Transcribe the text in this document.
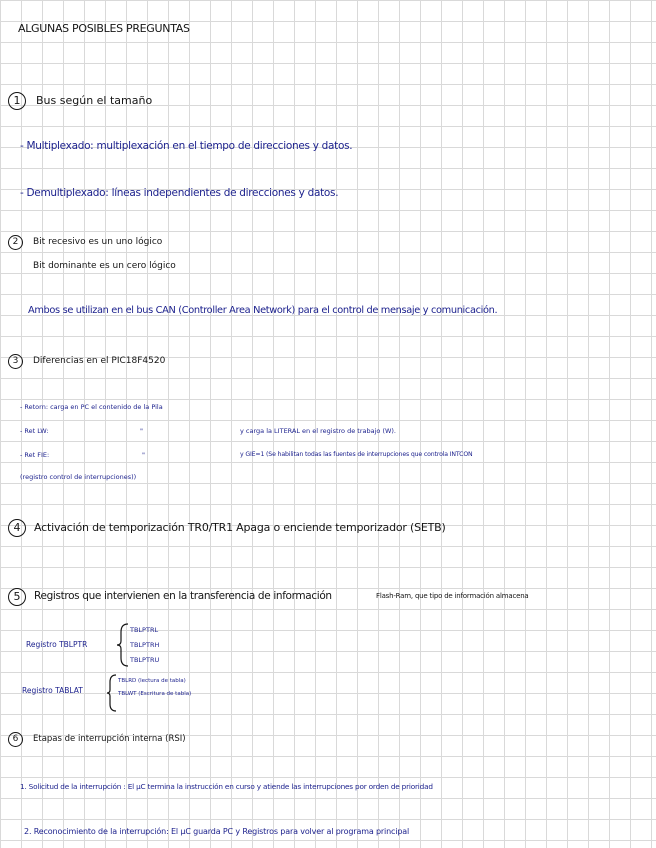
ALGUNAS POSIBLES PREGUNTAS
1	Bus según el tamaño
- Multiplexado: multiplexación en el tiempo de direcciones y datos.
- Demultiplexado: líneas independientes de direcciones y datos.
2	Bit recesivo es un uno lógico
Bit dominante es un cero lógico
Ambos se utilizan en el bus CAN (Controller Area Network) para el control de mensaje y comunicación.
3	Diferencias en el PIC18F4520
- Retorn: carga en PC el contenido de la Pila
- Ret LW:	"	y carga la LITERAL en el registro de trabajo (W).
- Ret FIE:	"	y GIE=1 (Se habilitan todas las fuentes de interrupciones que controla INTCON
(registro control de interrupciones))
4	Activación de temporización TR0/TR1 Apaga o enciende temporizador (SETB)
5	Registros que intervienen en la transferencia de información	Flash-Ram, que tipo de información almacena
Registro TBLPTR
TBLPTRL
TBLPTRH
TBLPTRU
Registro TABLAT
TBLRD (lectura de tabla)
TBLWT (Escritura de tabla)
6	Etapas de interrupción interna (RSI)
1. Solicitud de la interrupción : El µC termina la instrucción en curso y atiende las interrupciones por orden de prioridad
2. Reconocimiento de la interrupción: El µC guarda PC y Registros para volver al programa principal
